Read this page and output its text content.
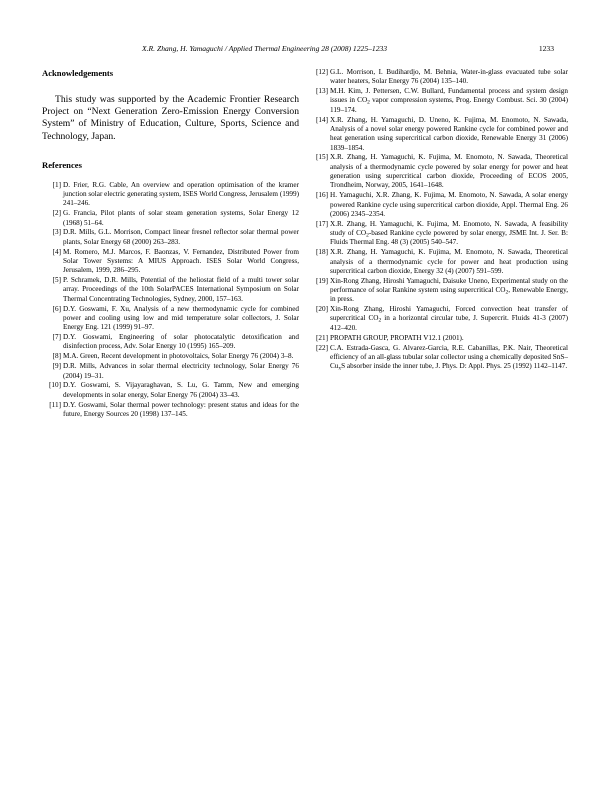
X.R. Zhang, H. Yamaguchi / Applied Thermal Engineering 28 (2008) 1225–1233	1233
Acknowledgements

This study was supported by the Academic Frontier Research Project on “Next Generation Zero-Emission Energy Conversion System” of Ministry of Education, Culture, Sports, Science and Technology, Japan.

References
[1] D. Frier, R.G. Cable, An overview and operation optimisation of the kramer junction solar electric generating system, ISES World Congress, Jerusalem (1999) 241–246.
[2] G. Francia, Pilot plants of solar steam generation systems, Solar Energy 12 (1968) 51–64.
[3] D.R. Mills, G.L. Morrison, Compact linear fresnel reflector solar thermal power plants, Solar Energy 68 (2000) 263–283.
[4] M. Romero, M.J. Marcos, F. Baonzas, V. Fernandez, Distributed Power from Solar Tower Systems: A MIUS Approach. ISES Solar World Congress, Jerusalem, 1999, 286–295.
[5] P. Schramek, D.R. Mills, Potential of the heliostat field of a multi tower solar array. Proceedings of the 10th SolarPACES International Symposium on Solar Thermal Concentrating Technologies, Sydney, 2000, 157–163.
[6] D.Y. Goswami, F. Xu, Analysis of a new thermodynamic cycle for combined power and cooling using low and mid temperature solar collectors, J. Solar Energy Eng. 121 (1999) 91–97.
[7] D.Y. Goswami, Engineering of solar photocatalytic detoxification and disinfection process, Adv. Solar Energy 10 (1995) 165–209.
[8] M.A. Green, Recent development in photovoltaics, Solar Energy 76 (2004) 3–8.
[9] D.R. Mills, Advances in solar thermal electricity technology, Solar Energy 76 (2004) 19–31.
[10] D.Y. Goswami, S. Vijayaraghavan, S. Lu, G. Tamm, New and emerging developments in solar energy, Solar Energy 76 (2004) 33–43.
[11] D.Y. Goswami, Solar thermal power technology: present status and ideas for the future, Energy Sources 20 (1998) 137–145.
[12] G.L. Morrison, I. Budihardjo, M. Behnia, Water-in-glass evacuated tube solar water heaters, Solar Energy 76 (2004) 135–140.
[13] M.H. Kim, J. Pettersen, C.W. Bullard, Fundamental process and system design issues in $CO_2$ vapor compression systems, Prog. Energy Combust. Sci. 30 (2004) 119–174.
[14] X.R. Zhang, H. Yamaguchi, D. Uneno, K. Fujima, M. Enomoto, N. Sawada, Analysis of a novel solar energy powered Rankine cycle for combined power and heat generation using supercritical carbon dioxide, Renewable Energy 31 (2006) 1839–1854.
[15] X.R. Zhang, H. Yamaguchi, K. Fujima, M. Enomoto, N. Sawada, Theoretical analysis of a thermodynamic cycle powered by solar energy for power and heat generation using supercritical carbon dioxide, Proceeding of ECOS 2005, Trondheim, Norway, 2005, 1641–1648.
[16] H. Yamaguchi, X.R. Zhang, K. Fujima, M. Enomoto, N. Sawada, A solar energy powered Rankine cycle using supercritical carbon dioxide, Appl. Thermal Eng. 26 (2006) 2345–2354.
[17] X.R. Zhang, H. Yamaguchi, K. Fujima, M. Enomoto, N. Sawada, A feasibility study of $CO_2$-based Rankine cycle powered by solar energy, JSME Int. J. Ser. B: Fluids Thermal Eng. 48 (3) (2005) 540–547.
[18] X.R. Zhang, H. Yamaguchi, K. Fujima, M. Enomoto, N. Sawada, Theoretical analysis of a thermodynamic cycle for power and heat production using supercritical carbon dioxide, Energy 32 (4) (2007) 591–599.
[19] Xin-Rong Zhang, Hiroshi Yamaguchi, Daisuke Uneno, Experimental study on the performance of solar Rankine system using supercritical $CO_2$, Renewable Energy, in press.
[20] Xin-Rong Zhang, Hiroshi Yamaguchi, Forced convection heat transfer of supercritical $CO_2$ in a horizontal circular tube, J. Supercrit. Fluids 41-3 (2007) 412–420.
[21] PROPATH GROUP, PROPATH V12.1 (2001).
[22] C.A. Estrada-Gasca, G. Alvarez-Garcia, R.E. Cabanillas, P.K. Nair, Theoretical efficiency of an all-glass tubular solar collector using a chemically deposited SnS–$Cu_xS$ absorber inside the inner tube, J. Phys. D: Appl. Phys. 25 (1992) 1142–1147.
